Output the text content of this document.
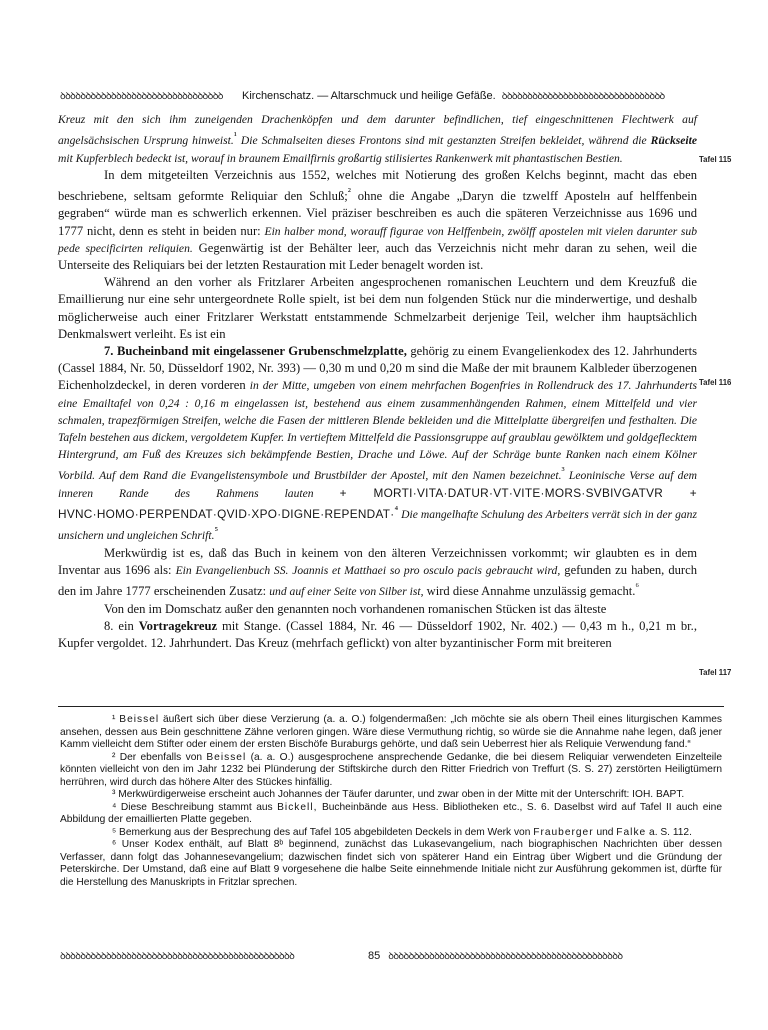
ꝺꝺꝺꝺꝺꝺꝺꝺꝺꝺꝺꝺꝺꝺꝺꝺꝺꝺꝺꝺꝺꝺꝺꝺꝺꝺꝺꝺꝺꝺꝺꝺ	Kirchenschatz. — Altarschmuck und heilige Gefäße. ꝺꝺꝺꝺꝺꝺꝺꝺꝺꝺꝺꝺꝺꝺꝺꝺꝺꝺꝺꝺꝺꝺꝺꝺꝺꝺꝺꝺꝺꝺꝺꝺ

Kreuz mit den sich ihm zuneigenden Drachenköpfen und dem darunter befindlichen, tief eingeschnittenen Flechtwerk auf angelsächsischen Ursprung hinweist.$^{^1}$ Die Schmalseiten dieses Frontons sind mit gestanzten Streifen bekleidet, während die Rückseite mit Kupferblech bedeckt ist, worauf in braunem Emailfirnis großartig stilisiertes Rankenwerk mit phantastischen Bestien.

In dem mitgeteilten Verzeichnis aus 1552, welches mit Notierung des großen Kelchs beginnt, macht das eben beschriebene, seltsam geformte Reliquiar den Schluß;$^{^2}$ ohne die Angabe „Daryn die tzwelff Apostelн auf helffenbein gegraben“ würde man es schwerlich erkennen. Viel präziser beschreiben es auch die späteren Verzeichnisse aus 1696 und 1777 nicht, denn es steht in beiden nur: Ein halber mond, worauff figurae von Helffenbein, zwölff apostelen mit vielen darunter sub pede specificirten reliquien. Gegenwärtig ist der Behälter leer, auch das Verzeichnis nicht mehr daran zu sehen, weil die Unterseite des Reliquiars bei der letzten Restauration mit Leder benagelt worden ist.

Während an den vorher als Fritzlarer Arbeiten angesprochenen romanischen Leuchtern und dem Kreuzfuß die Emaillierung nur eine sehr untergeordnete Rolle spielt, ist bei dem nun folgenden Stück nur die minderwertige, und deshalb möglicherweise auch einer Fritzlarer Werkstatt entstammende Schmelzarbeit derjenige Teil, welcher ihm hauptsächlich Denkmalswert verleiht. Es ist ein

7. Bucheinband mit eingelassener Grubenschmelzplatte, gehörig zu einem Evangelienkodex des 12. Jahrhunderts (Cassel 1884, Nr. 50, Düsseldorf 1902, Nr. 393) — 0,30 m und 0,20 m sind die Maße der mit braunem Kalbleder überzogenen Eichenholzdeckel, in deren vorderen in der Mitte, umgeben von einem mehrfachen Bogenfries in Rollendruck des 17. Jahrhunderts eine Emailtafel von 0,24 : 0,16 m eingelassen ist, bestehend aus einem zusammenhängenden Rahmen, einem Mittelfeld und vier schmalen, trapezförmigen Streifen, welche die Fasen der mittleren Blende bekleiden und die Mittelplatte übergreifen und festhalten. Die Tafeln bestehen aus dickem, vergoldetem Kupfer. In vertieftem Mittelfeld die Passionsgruppe auf graublau gewölktem und goldgeflecktem Hintergrund, am Fuß des Kreuzes sich bekämpfende Bestien, Drache und Löwe. Auf der Schräge bunte Ranken nach einem Kölner Vorbild. Auf dem Rand die Evangelistensymbole und Brustbilder der Apostel, mit den Namen bezeichnet.$^{^3}$ Leoninische Verse auf dem inneren Rande des Rahmens lauten + MORTI·VITA·DATUR·VT·VITE·MORS·SVBIVGATVR + HVNC·HOMO·PERPENDAT·QVID·XPO·DIGNE·REPENDAT·$^{^4}$ Die mangelhafte Schulung des Arbeiters verrät sich in der ganz unsichern und ungleichen Schrift.$^{^5}$

Merkwürdig ist es, daß das Buch in keinem von den älteren Verzeichnissen vorkommt; wir glaubten es in dem Inventar aus 1696 als: Ein Evangelienbuch SS. Joannis et Matthaei so pro osculo pacis gebraucht wird, gefunden zu haben, durch den im Jahre 1777 erscheinenden Zusatz: und auf einer Seite von Silber ist, wird diese Annahme unzulässig gemacht.$^{^6}$

Von den im Domschatz außer den genannten noch vorhandenen romanischen Stücken ist das älteste

8. ein Vortragekreuz mit Stange. (Cassel 1884, Nr. 46 — Düsseldorf 1902, Nr. 402.) — 0,43 m h., 0,21 m br., Kupfer vergoldet. 12. Jahrhundert. Das Kreuz (mehrfach geflickt) von alter byzantinischer Form mit breiteren

Tafel 115
Tafel 116
Tafel 117

¹ Beissel äußert sich über diese Verzierung (a. a. O.) folgendermaßen: „Ich möchte sie als obern Theil eines liturgischen Kammes ansehen, dessen aus Bein geschnittene Zähne verloren gingen. Wäre diese Vermuthung richtig, so würde sie die Annahme nahe legen, daß jener Kamm vielleicht dem Stifter oder einem der ersten Bischöfe Buraburgs gehörte, und daß sein Ueberrest hier als Reliquie Verwendung fand.“

² Der ebenfalls von Beissel (a. a. O.) ausgesprochene ansprechende Gedanke, die bei diesem Reliquiar verwendeten Einzelteile könnten vielleicht von den im Jahr 1232 bei Plünderung der Stiftskirche durch den Ritter Friedrich von Treffurt (S. S. 27) zerstörten Heiligtümern herrühren, wird durch das höhere Alter des Stückes hinfällig.

³ Merkwürdigerweise erscheint auch Johannes der Täufer darunter, und zwar oben in der Mitte mit der Unterschrift: IOH. BAPT.

⁴ Diese Beschreibung stammt aus Bickell, Bucheinbände aus Hess. Bibliotheken etc., S. 6. Daselbst wird auf Tafel II auch eine Abbildung der emaillierten Platte gegeben.

⁵ Bemerkung aus der Besprechung des auf Tafel 105 abgebildeten Deckels in dem Werk von Frauberger und Falke a. S. 112.

⁶ Unser Kodex enthält, auf Blatt 8ᵇ beginnend, zunächst das Lukasevangelium, nach biographischen Nachrichten über dessen Verfasser, dann folgt das Johannesevangelium; dazwischen findet sich von späterer Hand ein Eintrag über Wigbert und die Gründung der Peterskirche. Der Umstand, daß eine auf Blatt 9 vorgesehene die halbe Seite einnehmende Initiale nicht zur Ausführung gekommen ist, dürfte für die Herstellung des Manuskripts in Fritzlar sprechen.

ꝺꝺꝺꝺꝺꝺꝺꝺꝺꝺꝺꝺꝺꝺꝺꝺꝺꝺꝺꝺꝺꝺꝺꝺꝺꝺꝺꝺꝺꝺꝺꝺꝺꝺꝺꝺꝺꝺꝺꝺꝺꝺꝺꝺꝺꝺ	85 ꝺꝺꝺꝺꝺꝺꝺꝺꝺꝺꝺꝺꝺꝺꝺꝺꝺꝺꝺꝺꝺꝺꝺꝺꝺꝺꝺꝺꝺꝺꝺꝺꝺꝺꝺꝺꝺꝺꝺꝺꝺꝺꝺꝺꝺꝺ
